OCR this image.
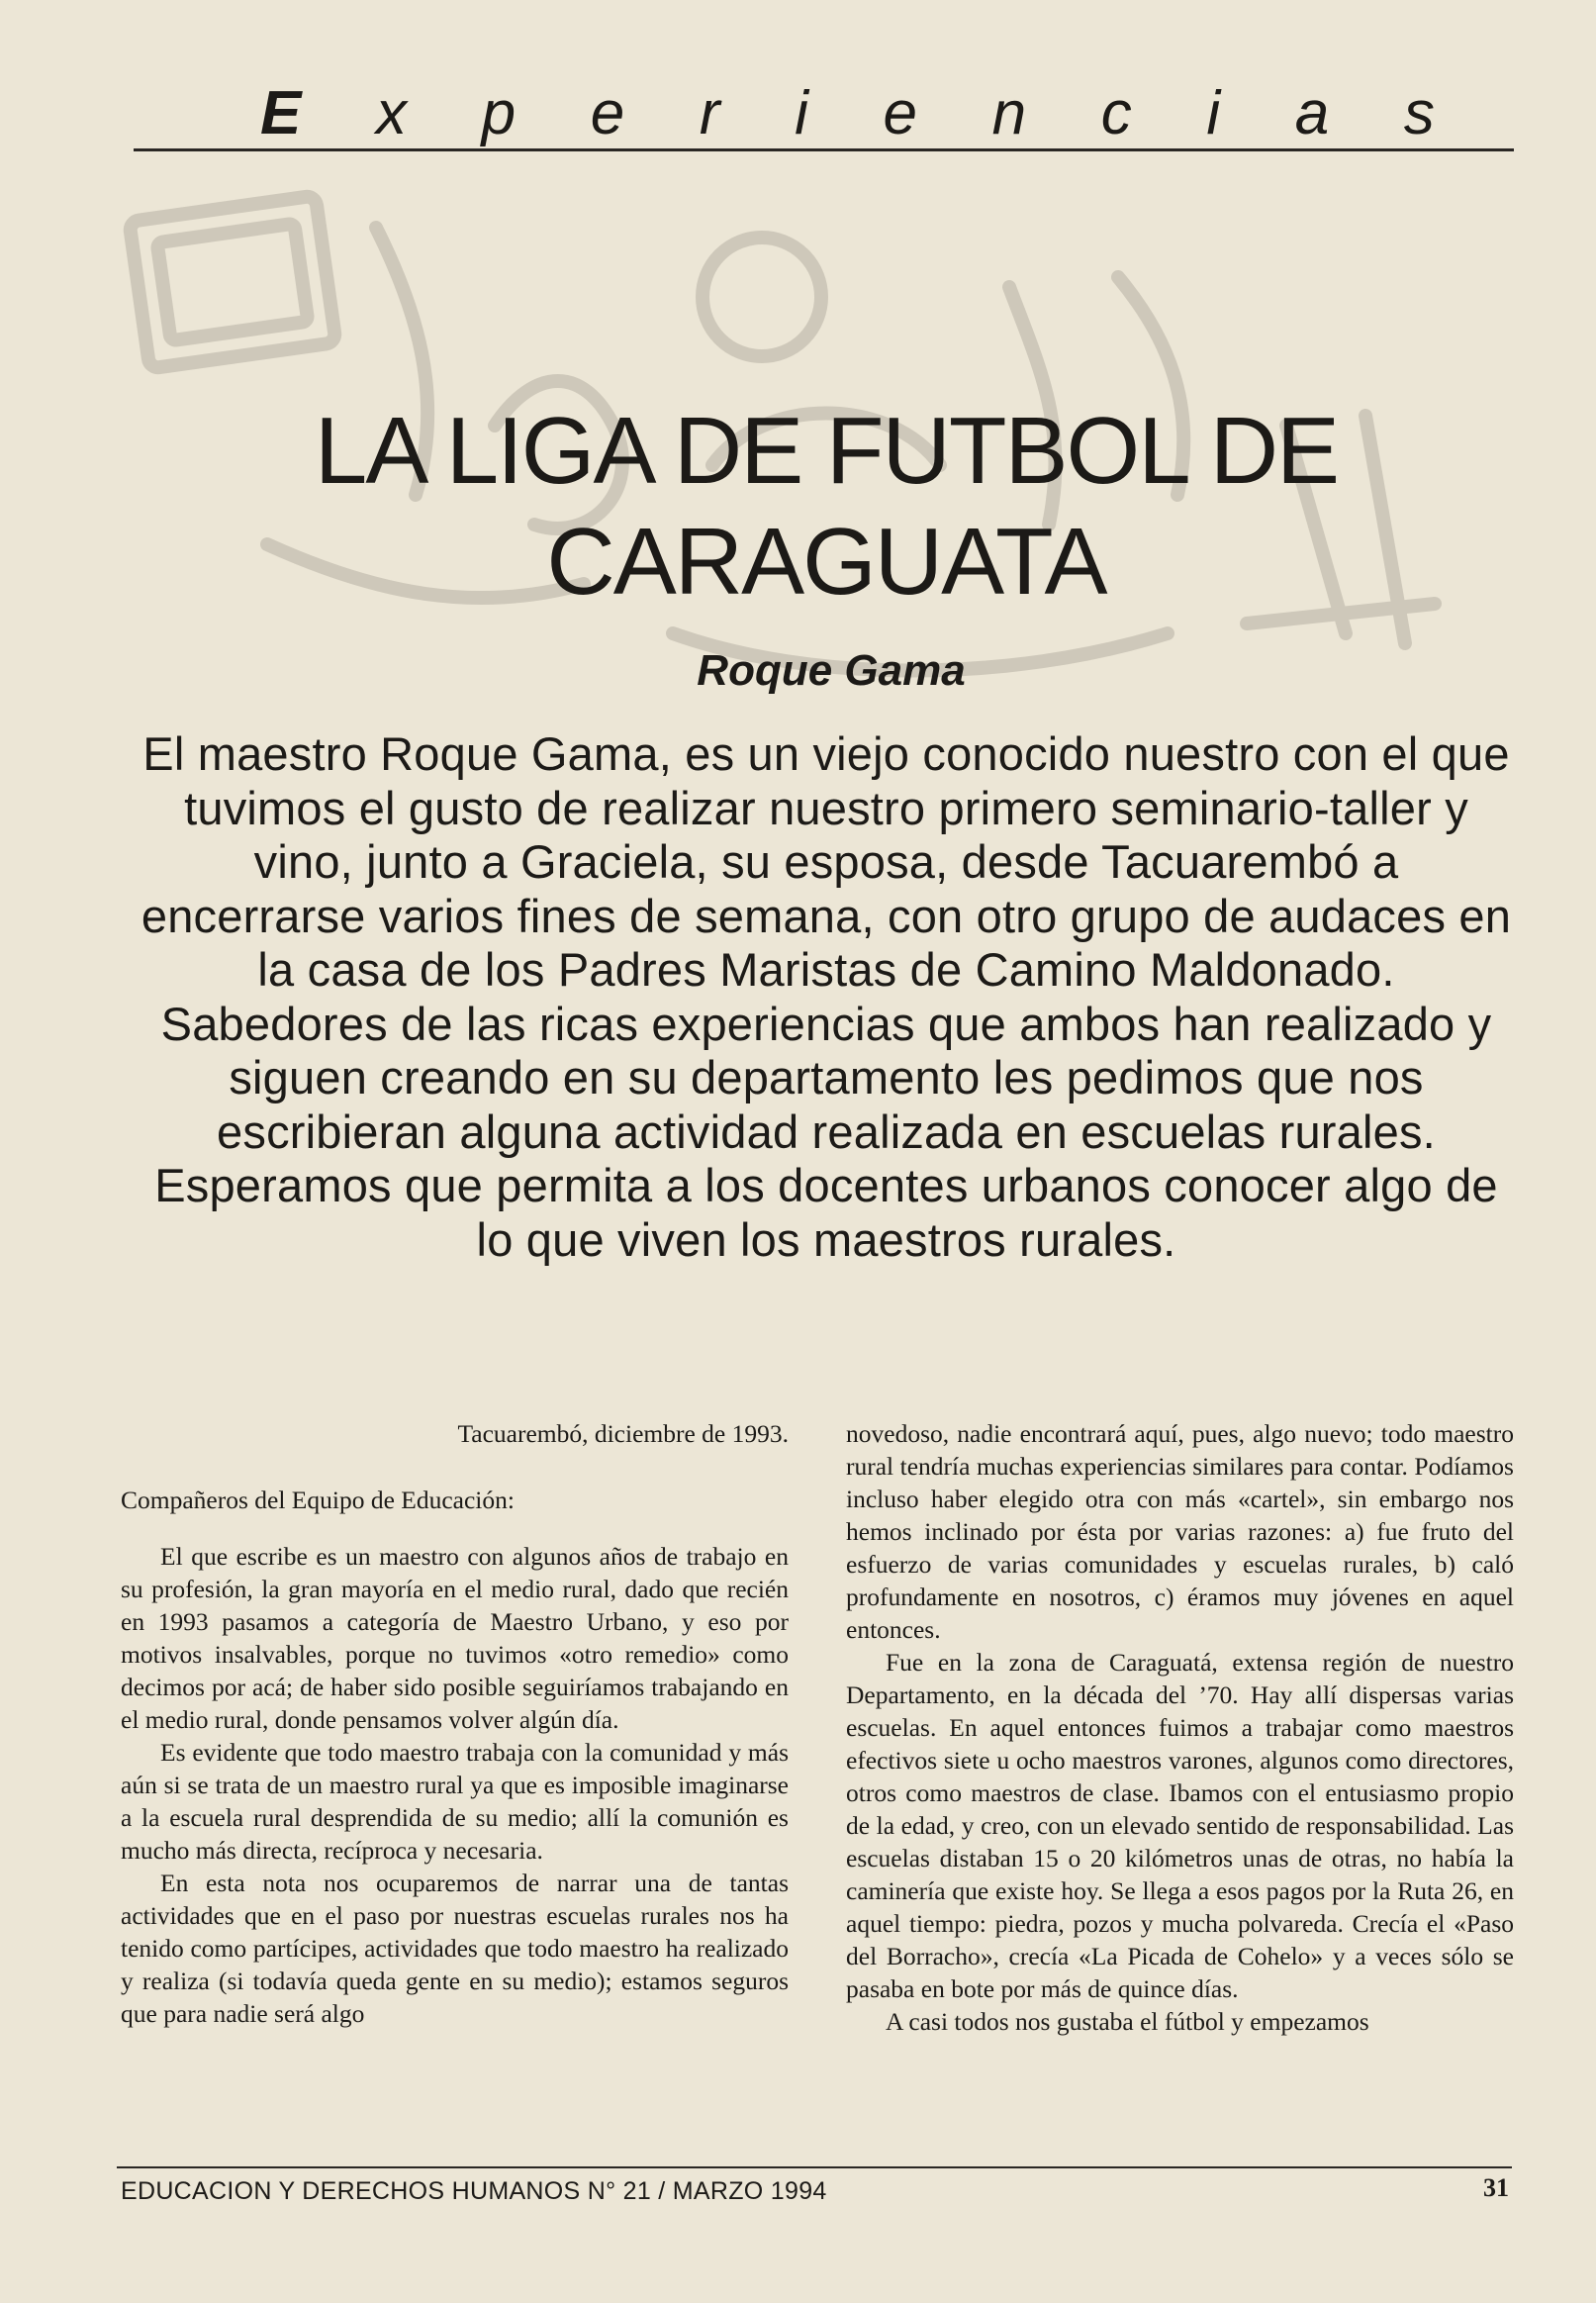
E x p e r i e n c i a s
LA LIGA DE FUTBOL DE CARAGUATA
Roque Gama
El maestro Roque Gama, es un viejo conocido nuestro con el que tuvimos el gusto de realizar nuestro primero seminario-taller y vino, junto a Graciela, su esposa, desde Tacuarembó a encerrarse varios fines de semana, con otro grupo de audaces en la casa de los Padres Maristas de Camino Maldonado. Sabedores de las ricas experiencias que ambos han realizado y siguen creando en su departamento les pedimos que nos escribieran alguna actividad realizada en escuelas rurales. Esperamos que permita a los docentes urbanos conocer algo de lo que viven los maestros rurales.

Tacuarembó, diciembre de 1993.

Compañeros del Equipo de Educación:

El que escribe es un maestro con algunos años de trabajo en su profesión, la gran mayoría en el medio rural, dado que recién en 1993 pasamos a categoría de Maestro Urbano, y eso por motivos insalvables, porque no tuvimos «otro remedio» como decimos por acá; de haber sido posible seguiríamos trabajando en el medio rural, donde pensamos volver algún día.

Es evidente que todo maestro trabaja con la comunidad y más aún si se trata de un maestro rural ya que es imposible imaginarse a la escuela rural desprendida de su medio; allí la comunión es mucho más directa, recíproca y necesaria.

En esta nota nos ocuparemos de narrar una de tantas actividades que en el paso por nuestras escuelas rurales nos ha tenido como partícipes, actividades que todo maestro ha realizado y realiza (si todavía queda gente en su medio); estamos seguros que para nadie será algo

novedoso, nadie encontrará aquí, pues, algo nuevo; todo maestro rural tendría muchas experiencias similares para contar. Podíamos incluso haber elegido otra con más «cartel», sin embargo nos hemos inclinado por ésta por varias razones: a) fue fruto del esfuerzo de varias comunidades y escuelas rurales, b) caló profundamente en nosotros, c) éramos muy jóvenes en aquel entonces.

Fue en la zona de Caraguatá, extensa región de nuestro Departamento, en la década del ’70. Hay allí dispersas varias escuelas. En aquel entonces fuimos a trabajar como maestros efectivos siete u ocho maestros varones, algunos como directores, otros como maestros de clase. Ibamos con el entusiasmo propio de la edad, y creo, con un elevado sentido de responsabilidad. Las escuelas distaban 15 o 20 kilómetros unas de otras, no había la caminería que existe hoy. Se llega a esos pagos por la Ruta 26, en aquel tiempo: piedra, pozos y mucha polvareda. Crecía el «Paso del Borracho», crecía «La Picada de Cohelo» y a veces sólo se pasaba en bote por más de quince días.

A casi todos nos gustaba el fútbol y empezamos

EDUCACION Y DERECHOS HUMANOS N° 21 / MARZO 1994	31
